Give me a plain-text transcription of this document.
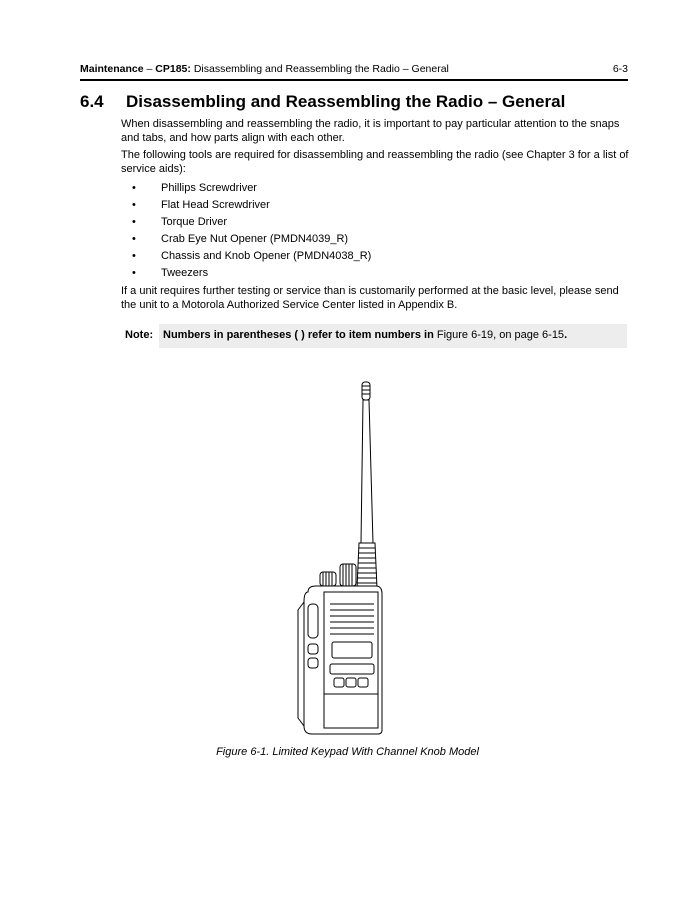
Maintenance – CP185: Disassembling and Reassembling the Radio – General	6-3
6.4 Disassembling and Reassembling the Radio – General
When disassembling and reassembling the radio, it is important to pay particular attention to the snaps and tabs, and how parts align with each other.
The following tools are required for disassembling and reassembling the radio (see Chapter 3 for a list of service aids):
• Phillips Screwdriver
• Flat Head Screwdriver
• Torque Driver
• Crab Eye Nut Opener (PMDN4039_R)
• Chassis and Knob Opener (PMDN4038_R)
• Tweezers
If a unit requires further testing or service than is customarily performed at the basic level, please send the unit to a Motorola Authorized Service Center listed in Appendix B.
Note: Numbers in parentheses ( ) refer to item numbers in Figure 6-19, on page 6-15.
Figure 6-1. Limited Keypad With Channel Knob Model
